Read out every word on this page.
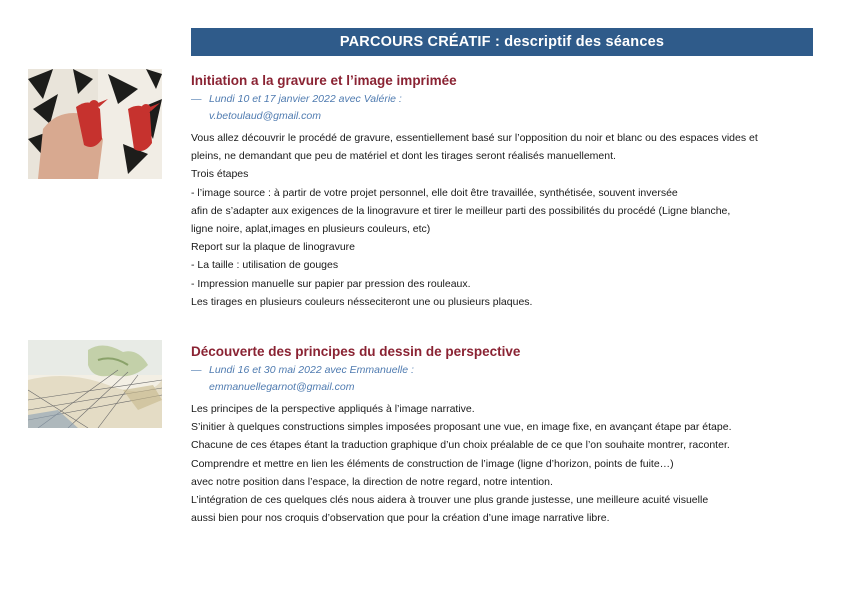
PARCOURS CRÉATIF : descriptif des séances
Initiation a la gravure et l’image imprimée
— Lundi 10 et 17 janvier 2022 avec Valérie :
v.betoulaud@gmail.com
Vous allez découvrir le procédé de gravure, essentiellement basé sur l’opposition du noir et blanc ou des espaces vides et
pleins, ne demandant que peu de matériel et dont les tirages seront réalisés manuellement.
Trois étapes
- l’image source : à partir de votre projet personnel, elle doit être travaillée, synthétisée, souvent inversée
afin de s’adapter aux exigences de la linogravure et tirer le meilleur parti des possibilités du procédé (Ligne blanche,
ligne noire, aplat,images en plusieurs couleurs, etc)
Report sur la plaque de linogravure
- La taille : utilisation de gouges
- Impression manuelle sur papier par pression des rouleaux.
Les tirages en plusieurs couleurs nésseciteront une ou plusieurs plaques.
Découverte des principes du dessin de perspective
— Lundi 16 et 30 mai 2022 avec Emmanuelle :
emmanuellegarnot@gmail.com
Les principes de la perspective appliqués à l’image narrative.
S’initier à quelques constructions simples imposées proposant une vue, en image fixe, en avançant étape par étape.
Chacune de ces étapes étant la traduction graphique d’un choix préalable de ce que l’on souhaite montrer, raconter.
Comprendre et mettre en lien les éléments de construction de l’image (ligne d’horizon, points de fuite…)
avec notre position dans l’espace, la direction de notre regard, notre intention.
L’intégration de ces quelques clés nous aidera à trouver une plus grande justesse, une meilleure acuité visuelle
aussi bien pour nos croquis d’observation que pour la création d’une image narrative libre.
